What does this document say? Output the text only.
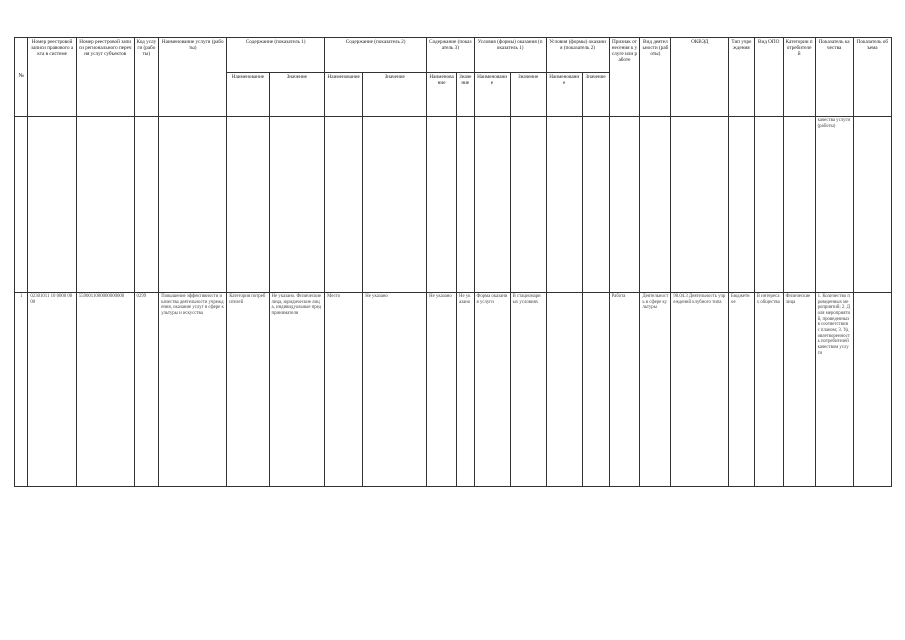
№	Номер реестровой записи правового акта в системе	Номер реестровой записи регионального перечня услуг субъектов	Код услуги (работы)	Наименование услуги (работы)	Содержание (показатель 1)		Содержание (показатель 2)		Содержание (показатель 3)		Условия (формы) оказания (показатель 1)		Условия (формы) оказания (показатель 2)		Признак отнесения к услуге или работе	Вид деятельности (работы)	ОКВЭД	Тип учреждения	Вид ОПО	Категории потребителей	Показатель качества	Показатель объема
					Наименование	Значение	Наименование	Значение	Наименование	Значение	Наименование	Значение	Наименование	Значение								
																					качества услуги (работы)	
1	02301011 10 0000 0000	5590011000000000000	0299	Повышение эффективности и качества деятельности учреждения, оказание услуг в сфере культуры и искусства	Категория потребителей	Не указано. Физические лица, юридические лица, индивидуальные предприниматели	Место	Не указано	Не указано	Не указано	Форма оказания услуги	В стационарных условиях			Работа	Деятельность в сфере культуры	90.04.3 Деятельность учреждений клубного типа	Бюджетное	В интересах общества	Физические лица	1. Количество проведенных мероприятий; 2. Доля мероприятий, проведенных в соответствии с планом; 3. Удовлетворенность потребителей качеством услуги	
